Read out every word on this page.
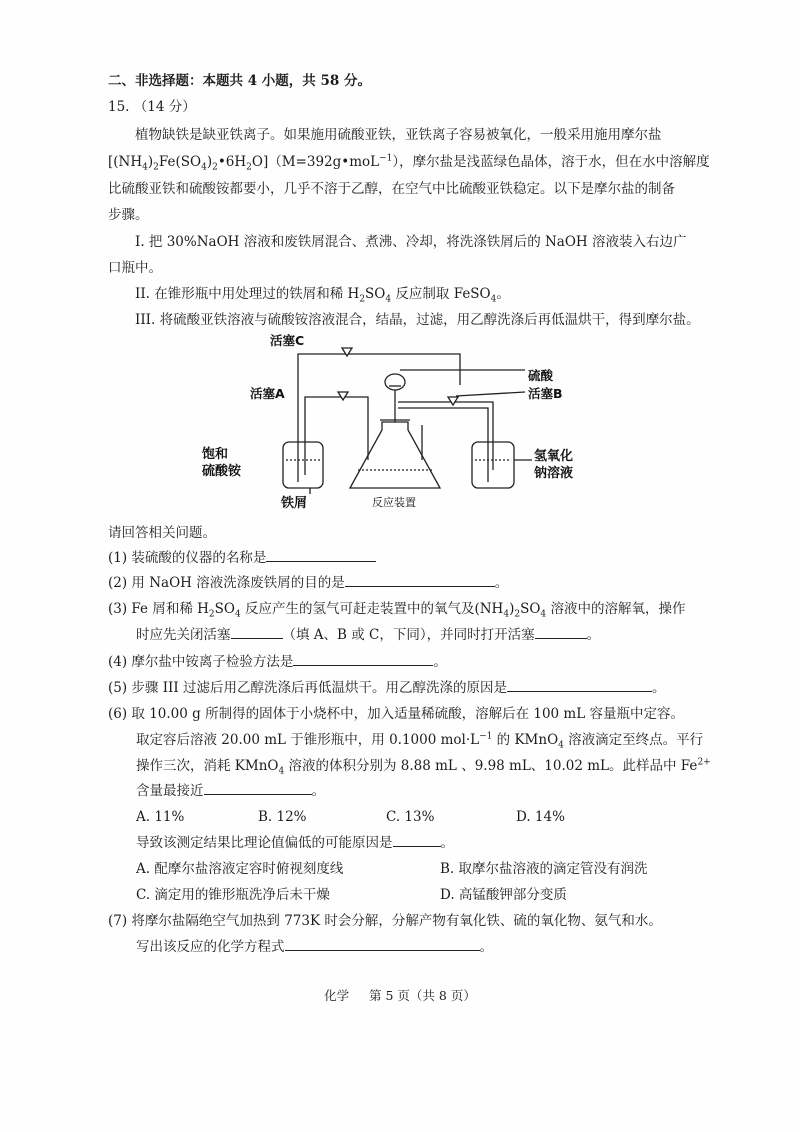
二、非选择题：本题共 4 小题，共 58 分。
15. （14 分）
植物缺铁是缺亚铁离子。如果施用硫酸亚铁，亚铁离子容易被氧化，一般采用施用摩尔盐
$[(NH_4)_2Fe(SO_4)_2•6H_2O](M=392g•moL^{-1})$，摩尔盐是浅蓝绿色晶体，溶于水，但在水中溶解度
比硫酸亚铁和硫酸铵都要小，几乎不溶于乙醇，在空气中比硫酸亚铁稳定。以下是摩尔盐的制备
步骤。
I. 把 30%NaOH 溶液和废铁屑混合、煮沸、冷却，将洗涤铁屑后的 NaOH 溶液装入右边广
口瓶中。
II. 在锥形瓶中用处理过的铁屑和稀 $H_2SO_4$ 反应制取 FeSO$_4$。
III. 将硫酸亚铁溶液与硫酸铵溶液混合，结晶，过滤，用乙醇洗涤后再低温烘干，得到摩尔盐。
活塞C
活塞A
硫酸
活塞B
饱和
硫酸铵
氢氧化
钠溶液
铁屑	反应装置
请回答相关问题。
(1) 装硫酸的仪器的名称是
(2) 用 NaOH 溶液洗涤废铁屑的目的是	。
(3) Fe 屑和稀 $H_2SO_4$ 反应产生的氢气可赶走装置中的氧气及$(NH_4)_2SO_4$ 溶液中的溶解氧，操作
时应先关闭活塞	（填 A、B 或 C，下同），并同时打开活塞	。
(4) 摩尔盐中铵离子检验方法是	。
(5) 步骤 III 过滤后用乙醇洗涤后再低温烘干。用乙醇洗涤的原因是	。
(6) 取 10.00 g 所制得的固体于小烧杯中，加入适量稀硫酸，溶解后在 100 mL 容量瓶中定容。
取定容后溶液 20.00 mL 于锥形瓶中，用 0.1000 $mol\cdot L^{-1}$ 的 KMnO$_4$ 溶液滴定至终点。平行
操作三次，消耗 KMnO$_4$ 溶液的体积分别为 8.88 mL 、9.98 mL、10.02 mL。此样品中 $Fe^{2+}$
含量最接近	。
A. 11%	B. 12%	C. 13%	D. 14%
导致该测定结果比理论值偏低的可能原因是	。
A. 配摩尔盐溶液定容时俯视刻度线	B. 取摩尔盐溶液的滴定管没有润洗
C. 滴定用的锥形瓶洗净后未干燥	D. 高锰酸钾部分变质
(7) 将摩尔盐隔绝空气加热到 773K 时会分解，分解产物有氧化铁、硫的氧化物、氨气和水。
写出该反应的化学方程式	。
化学 第 5 页（共 8 页）
